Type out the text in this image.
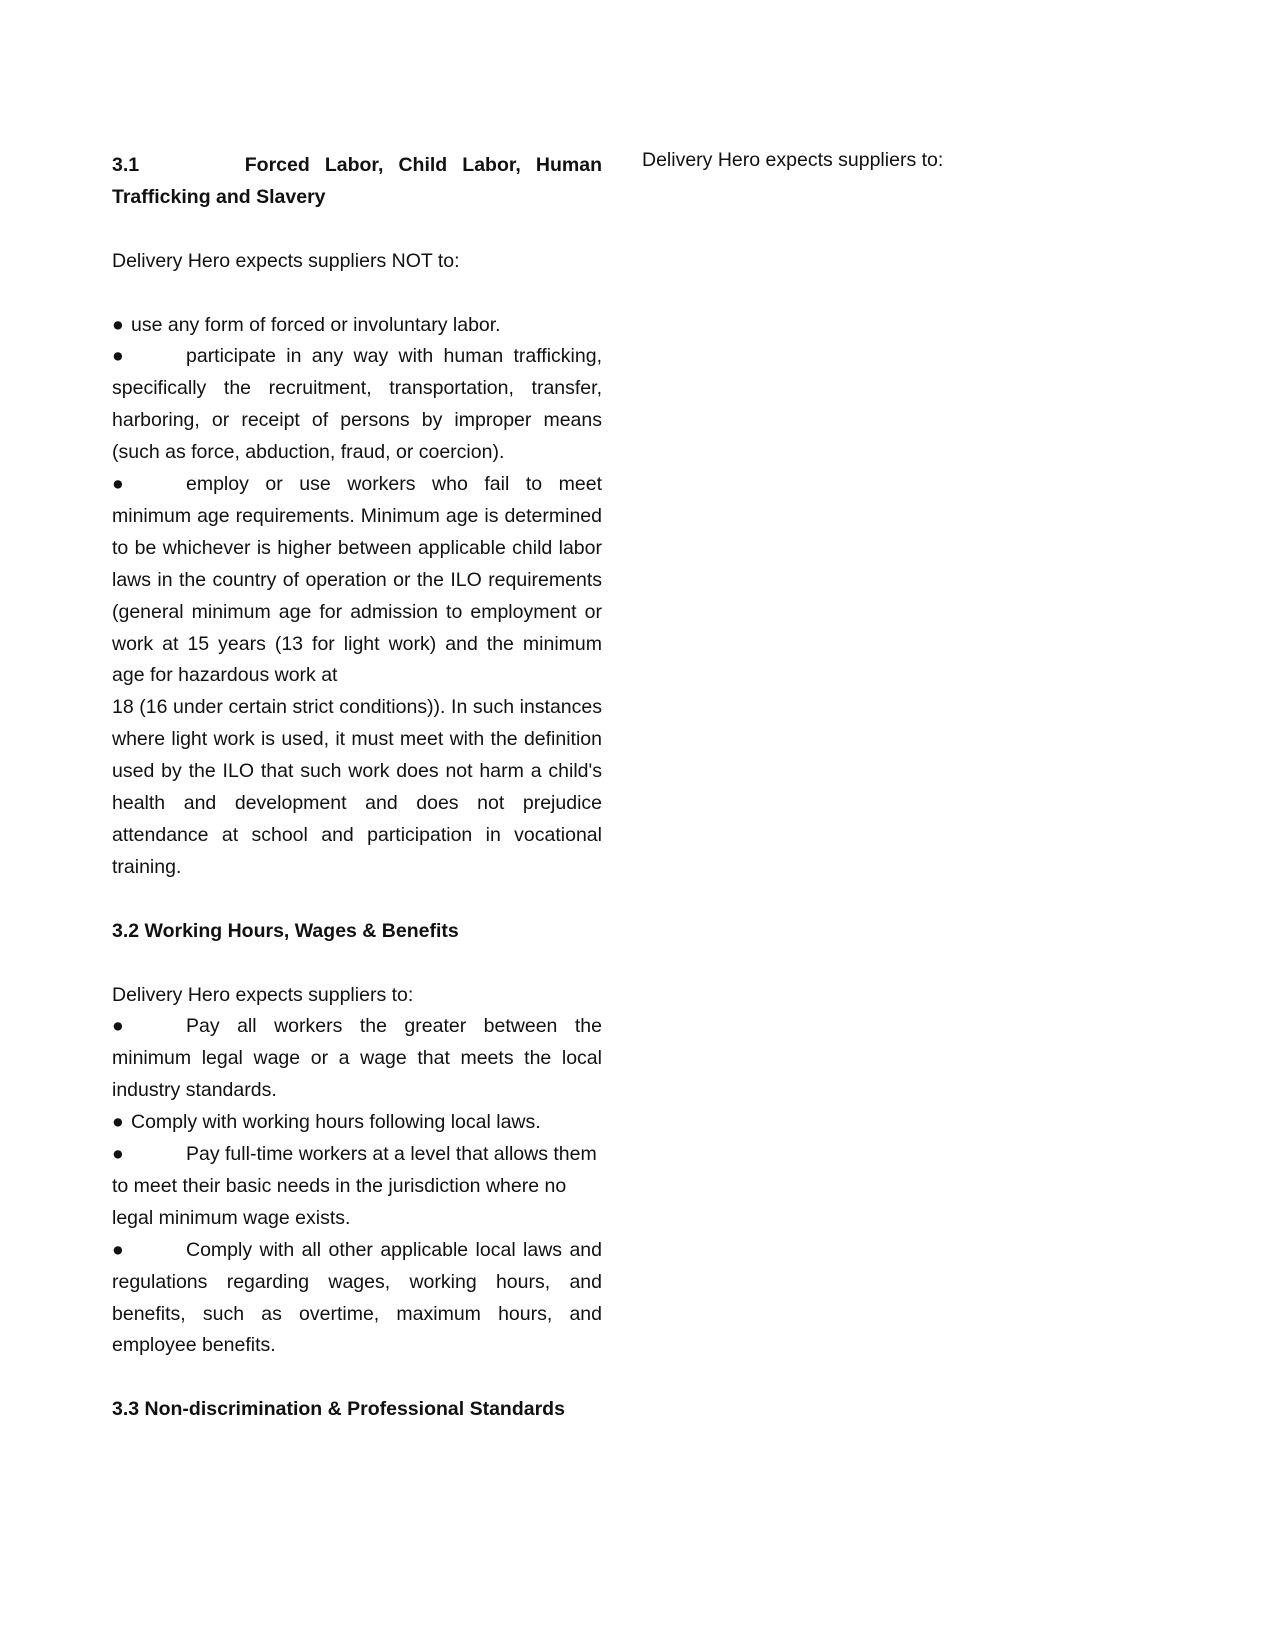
3.1	Forced Labor, Child Labor, Human

Trafficking and Slavery

Delivery Hero expects suppliers NOT to:

● use any form of forced or involuntary labor.

●	participate in any way with human trafficking, specifically the recruitment, transportation, transfer, harboring, or receipt of persons by improper means (such as force, abduction, fraud, or coercion).

●	employ or use workers who fail to meet minimum age requirements. Minimum age is determined to be whichever is higher between applicable child labor laws in the country of operation or the ILO requirements (general minimum age for admission to employment or work at 15 years (13 for light work) and the minimum age for hazardous work at

18 (16 under certain strict conditions)). In such instances where light work is used, it must meet with the definition used by the ILO that such work does not harm a child's health and development and does not prejudice attendance at school and participation in vocational training.

3.2 Working Hours, Wages & Benefits

Delivery Hero expects suppliers to:

●	Pay all workers the greater between the minimum legal wage or a wage that meets the local industry standards.

● Comply with working hours following local laws.

●	Pay full-time workers at a level that allows them to meet their basic needs in the jurisdiction where no legal minimum wage exists.

●	Comply with all other applicable local laws and regulations regarding wages, working hours, and benefits, such as overtime, maximum hours, and employee benefits.

3.3 Non-discrimination & Professional Standards

Delivery Hero expects suppliers to:
